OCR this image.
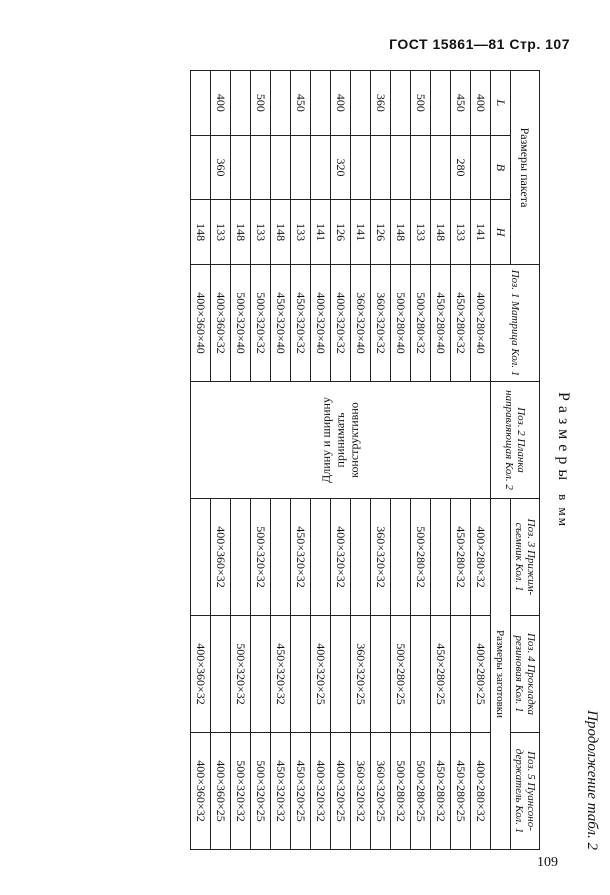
ГОСТ 15861—81 Стр. 107
Продолжение табл. 2
Размеры в мм
Размеры пакета			Поз. 1 Матрица Кол. 1	Поз. 2 Планка направляющая Кол. 2	Поз. 3 Прижим-съемник Кол. 1	Поз. 4 Прокладка резиновая Кол. 1	Поз. 5 Пуансоно-держатель Кол. 1
L	B	H			Размеры заготовки		
400		141	400×280×40	Длину и ширину принимать конструктивно	400×280×32	400×280×25	400×280×32
450	280	133	450×280×32		450×280×32		450×280×25
		148	450×280×40			450×280×25	450×280×32
500		133	500×280×32		500×280×32		500×280×25
		148	500×280×40			500×280×25	500×280×32
360		126	360×320×32		360×320×32		360×320×25
		141	360×320×40			360×320×25	360×320×32
400	320	126	400×320×32		400×320×32		400×320×25
		141	400×320×40			400×320×25	400×320×32
450		133	450×320×32		450×320×32		450×320×25
		148	450×320×40			450×320×32	450×320×32
500		133	500×320×32		500×320×32		500×320×25
		148	500×320×40			500×320×32	500×320×32
400	360	133	400×360×32		400×360×32		400×360×25
		148	400×360×40			400×360×32	400×360×32
109
